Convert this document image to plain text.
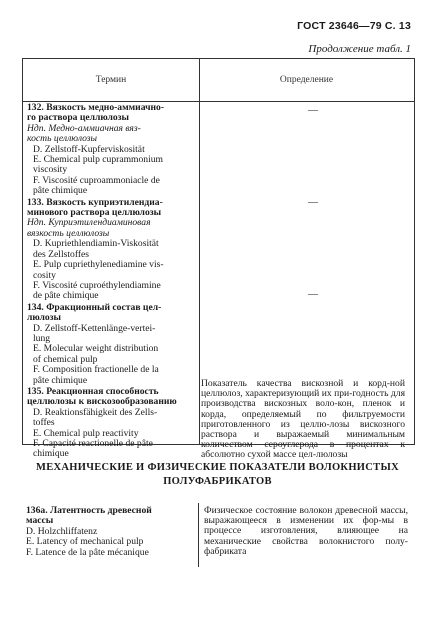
ГОСТ 23646—79 С. 13
Продолжение табл. 1
Термин	Определение
132. Вязкость медно-аммиачно-
го раствора целлюлозы
Ндп. Медно-аммиачная вяз-
кость целлюлозы
D. Zellstoff-Kupferviskosität
E. Chemical pulp cuprammonium
viscosity
F. Viscosité cuproammoniacle de
pâte chimique
133. Вязкость куприэтилендиа-
минового раствора целлюлозы
Ндп. Куприэтилендиаминовая
вязкость целлюлозы
D. Kupriethlendiamin-Viskosität
des Zellstoffes
E. Pulp cupriethylenediamine vis-
cosity
F. Viscosité cuproéthylendiamine
de pâte chimique
134. Фракционный состав цел-
люлозы
D. Zellstoff-Kettenlänge-vertei-
lung
E. Molecular weight distribution
of chemical pulp
F. Composition fractionelle de la
pâte chimique
135. Реакционная способность
целлюлозы к вискозообразованию
D. Reaktionsfähigkeit des Zells-
toffes
E. Chemical pulp reactivity
F. Capacité reactionelle de pâte
chimique
—
—
—
Показатель качества вискозной и корд-ной целлюлоз, характеризующий их при-годность для производства вискозных воло-кон, пленок и корда, определяемый по фильтруемости приготовленного из целлю-лозы вискозного раствора и выражаемый минимальным количеством сероуглерода в процентах к абсолютно сухой массе цел-люлозы
МЕХАНИЧЕСКИЕ И ФИЗИЧЕСКИЕ ПОКАЗАТЕЛИ ВОЛОКНИСТЫХ
ПОЛУФАБРИКАТОВ
136а. Латентность древесной
массы
D. Holzchliffatenz
E. Latency of mechanical pulp
F. Latence de la pâte mécanique
Физическое состояние волокон древесной массы, выражающееся в изменении их фор-мы в процессе изготовления, влияющее на механические свойства волокнистого полу-фабриката
